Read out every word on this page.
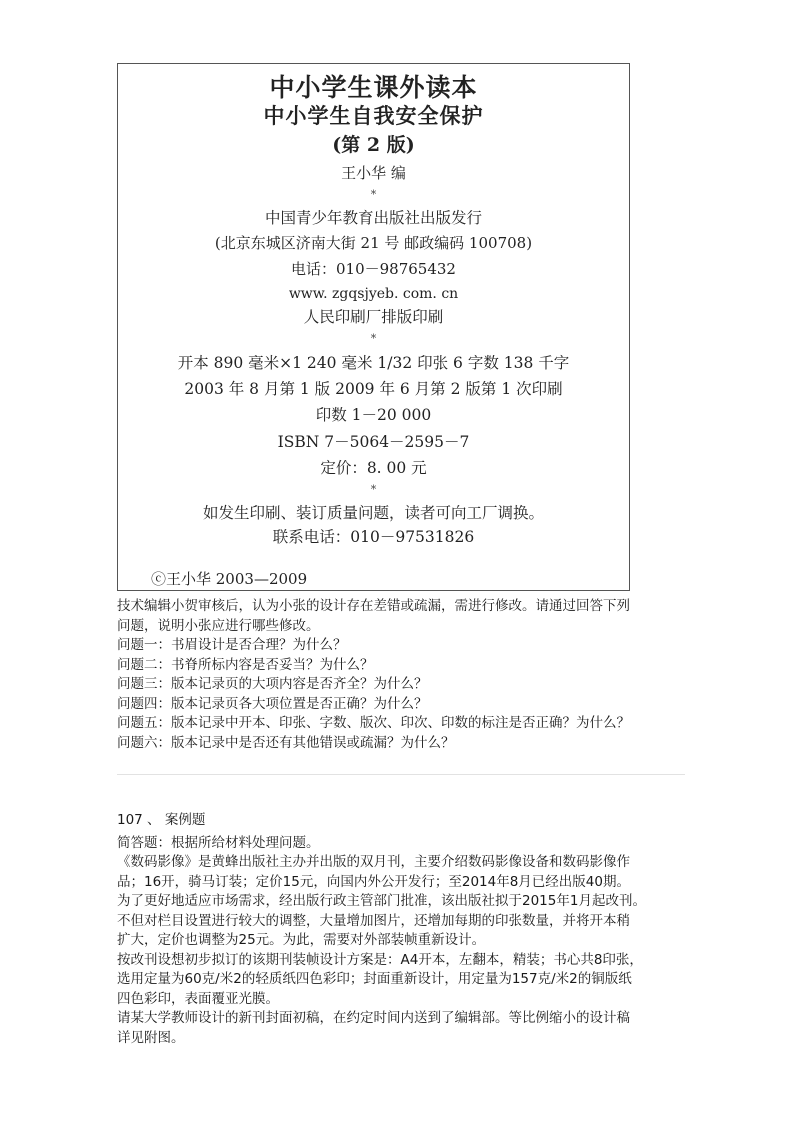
中小学生课外读本
中小学生自我安全保护
(第 2 版)
王小华 编
*
中国青少年教育出版社出版发行
(北京东城区济南大街 21 号 邮政编码 100708)
电话：010－98765432
www. zgqsjyeb. com. cn
人民印刷厂排版印刷
*
开本 890 毫米×1 240 毫米 1/32 印张 6 字数 138 千字
2003 年 8 月第 1 版 2009 年 6 月第 2 版第 1 次印刷
印数 1－20 000
ISBN 7－5064－2595－7
定价：8. 00 元
*
如发生印刷、装订质量问题，读者可向工厂调换。
联系电话：010－97531826
ⓒ王小华 2003—2009
技术编辑小贺审核后，认为小张的设计存在差错或疏漏，需进行修改。请通过回答下列
问题，说明小张应进行哪些修改。
问题一：书眉设计是否合理？为什么？
问题二：书脊所标内容是否妥当？为什么？
问题三：版本记录页的大项内容是否齐全？为什么？
问题四：版本记录页各大项位置是否正确？为什么？
问题五：版本记录中开本、印张、字数、版次、印次、印数的标注是否正确？为什么？
问题六：版本记录中是否还有其他错误或疏漏？为什么？
107 、 案例题
简答题：根据所给材料处理问题。
《数码影像》是黄蜂出版社主办并出版的双月刊，主要介绍数码影像设备和数码影像作
品；16开，骑马订装；定价15元，向国内外公开发行；至2014年8月已经出版40期。
为了更好地适应市场需求，经出版行政主管部门批准，该出版社拟于2015年1月起改刊。
不但对栏目设置进行较大的调整，大量增加图片，还增加每期的印张数量，并将开本稍
扩大，定价也调整为25元。为此，需要对外部装帧重新设计。
按改刊设想初步拟订的该期刊装帧设计方案是：A4开本，左翻本，精装；书心共8印张，
选用定量为60克/米2的轻质纸四色彩印；封面重新设计，用定量为157克/米2的铜版纸
四色彩印，表面覆亚光膜。
请某大学教师设计的新刊封面初稿，在约定时间内送到了编辑部。等比例缩小的设计稿
详见附图。
